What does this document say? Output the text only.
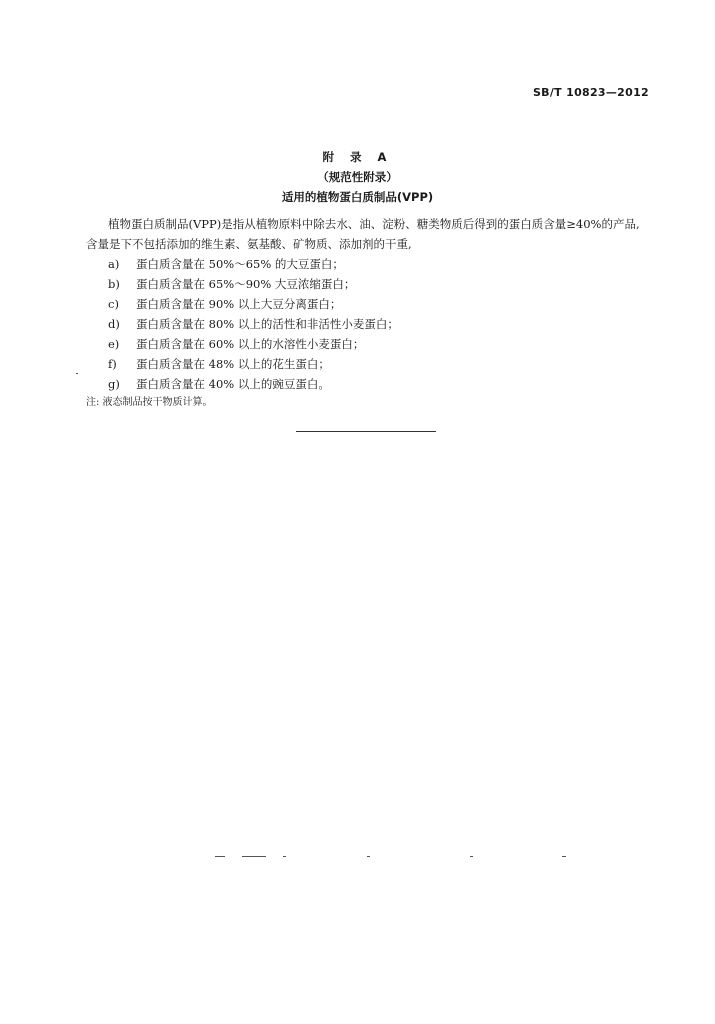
SB/T 10823—2012
附 录 A
（规范性附录）
适用的植物蛋白质制品(VPP)

植物蛋白质制品(VPP)是指从植物原料中除去水、油、淀粉、糖类物质后得到的蛋白质含量≥40%的产品,含量是下不包括添加的维生素、氨基酸、矿物质、添加剂的干重,

a)	蛋白质含量在 50%～65% 的大豆蛋白；
b)	蛋白质含量在 65%～90% 大豆浓缩蛋白；
c)	蛋白质含量在 90% 以上大豆分离蛋白；
d)	蛋白质含量在 80% 以上的活性和非活性小麦蛋白；
e)	蛋白质含量在 60% 以上的水溶性小麦蛋白；
f)	蛋白质含量在 48% 以上的花生蛋白；
g)	蛋白质含量在 40% 以上的豌豆蛋白。
注: 液态制品按干物质计算。
